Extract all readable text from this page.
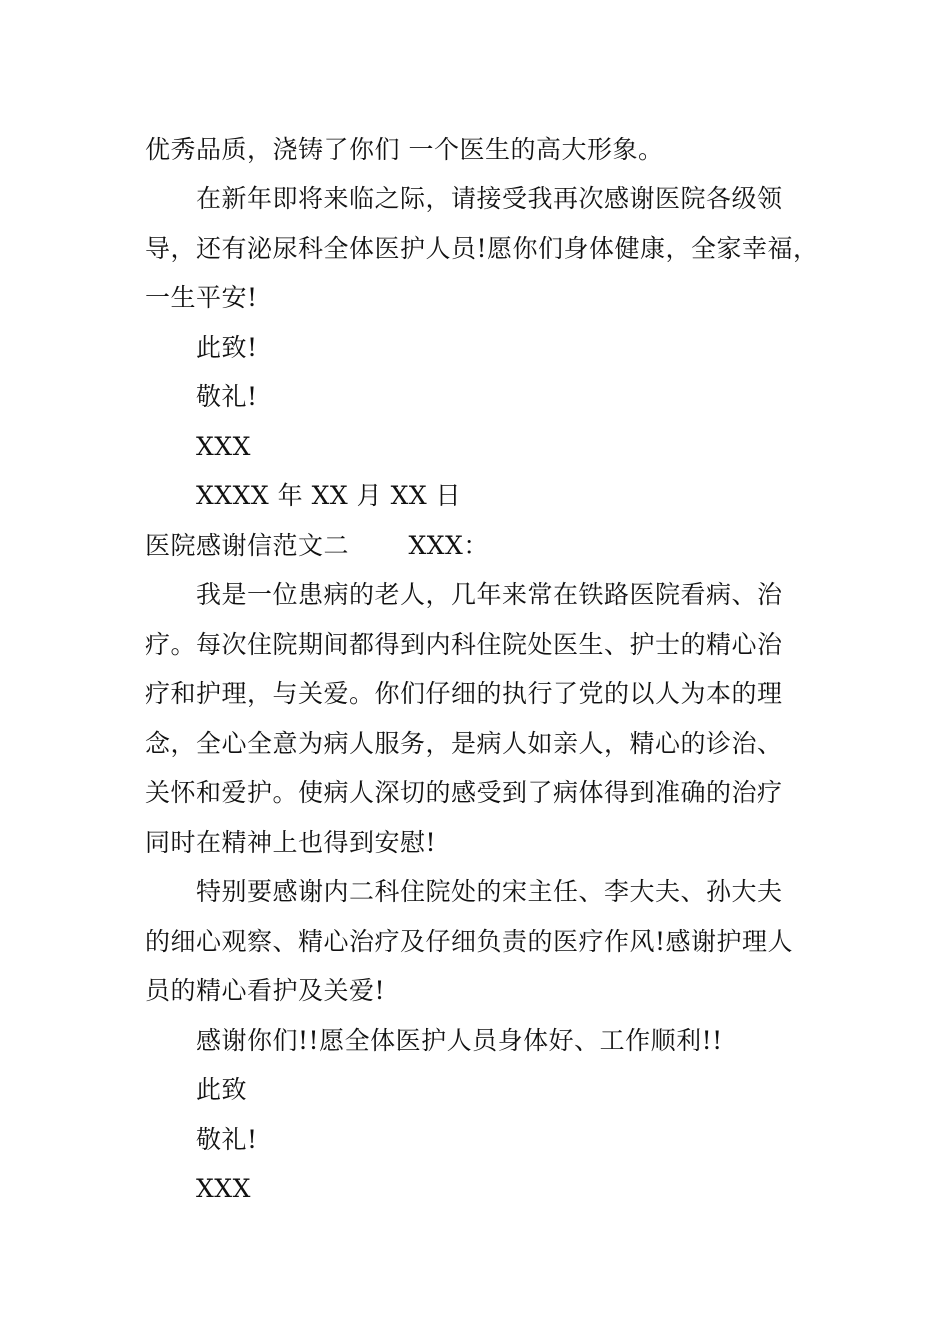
优秀品质，浇铸了你们 一个医生的高大形象。
在新年即将来临之际，请接受我再次感谢医院各级领
导，还有泌尿科全体医护人员!愿你们身体健康，全家幸福，
一生平安!
此致!
敬礼!
XXX
XXXX 年 XX 月 XX 日
医院感谢信范文二　　 XXX：
我是一位患病的老人，几年来常在铁路医院看病、治
疗。每次住院期间都得到内科住院处医生、护士的精心治
疗和护理，与关爱。你们仔细的执行了党的以人为本的理
念，全心全意为病人服务，是病人如亲人，精心的诊治、
关怀和爱护。使病人深切的感受到了病体得到准确的治疗
同时在精神上也得到安慰!
特别要感谢内二科住院处的宋主任、李大夫、孙大夫
的细心观察、精心治疗及仔细负责的医疗作风!感谢护理人
员的精心看护及关爱!
感谢你们!!愿全体医护人员身体好、工作顺利!!
此致
敬礼!
XXX
